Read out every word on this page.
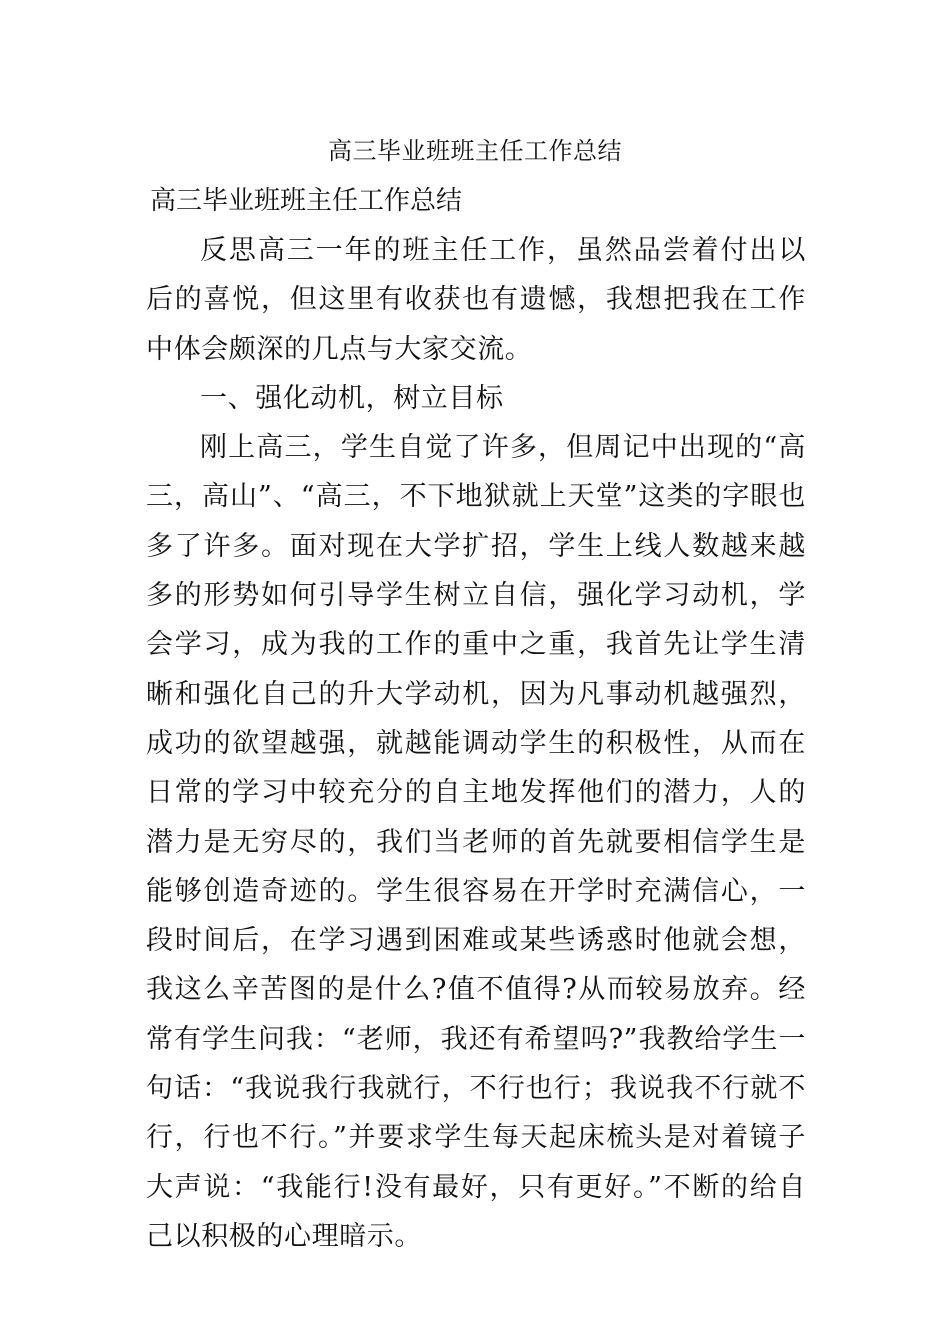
高三毕业班班主任工作总结
高三毕业班班主任工作总结

反思高三一年的班主任工作，虽然品尝着付出以后的喜悦，但这里有收获也有遗憾，我想把我在工作中体会颇深的几点与大家交流。

一、强化动机，树立目标

刚上高三，学生自觉了许多，但周记中出现的“高三，高山”、“高三，不下地狱就上天堂”这类的字眼也多了许多。面对现在大学扩招，学生上线人数越来越多的形势如何引导学生树立自信，强化学习动机，学会学习，成为我的工作的重中之重，我首先让学生清晰和强化自己的升大学动机，因为凡事动机越强烈，成功的欲望越强，就越能调动学生的积极性，从而在日常的学习中较充分的自主地发挥他们的潜力，人的潜力是无穷尽的，我们当老师的首先就要相信学生是能够创造奇迹的。学生很容易在开学时充满信心，一段时间后，在学习遇到困难或某些诱惑时他就会想，我这么辛苦图的是什么?值不值得?从而较易放弃。经常有学生问我：“老师，我还有希望吗?”我教给学生一句话：“我说我行我就行，不行也行；我说我不行就不行，行也不行。”并要求学生每天起床梳头是对着镜子大声说：“我能行!没有最好，只有更好。”不断的给自己以积极的心理暗示。
